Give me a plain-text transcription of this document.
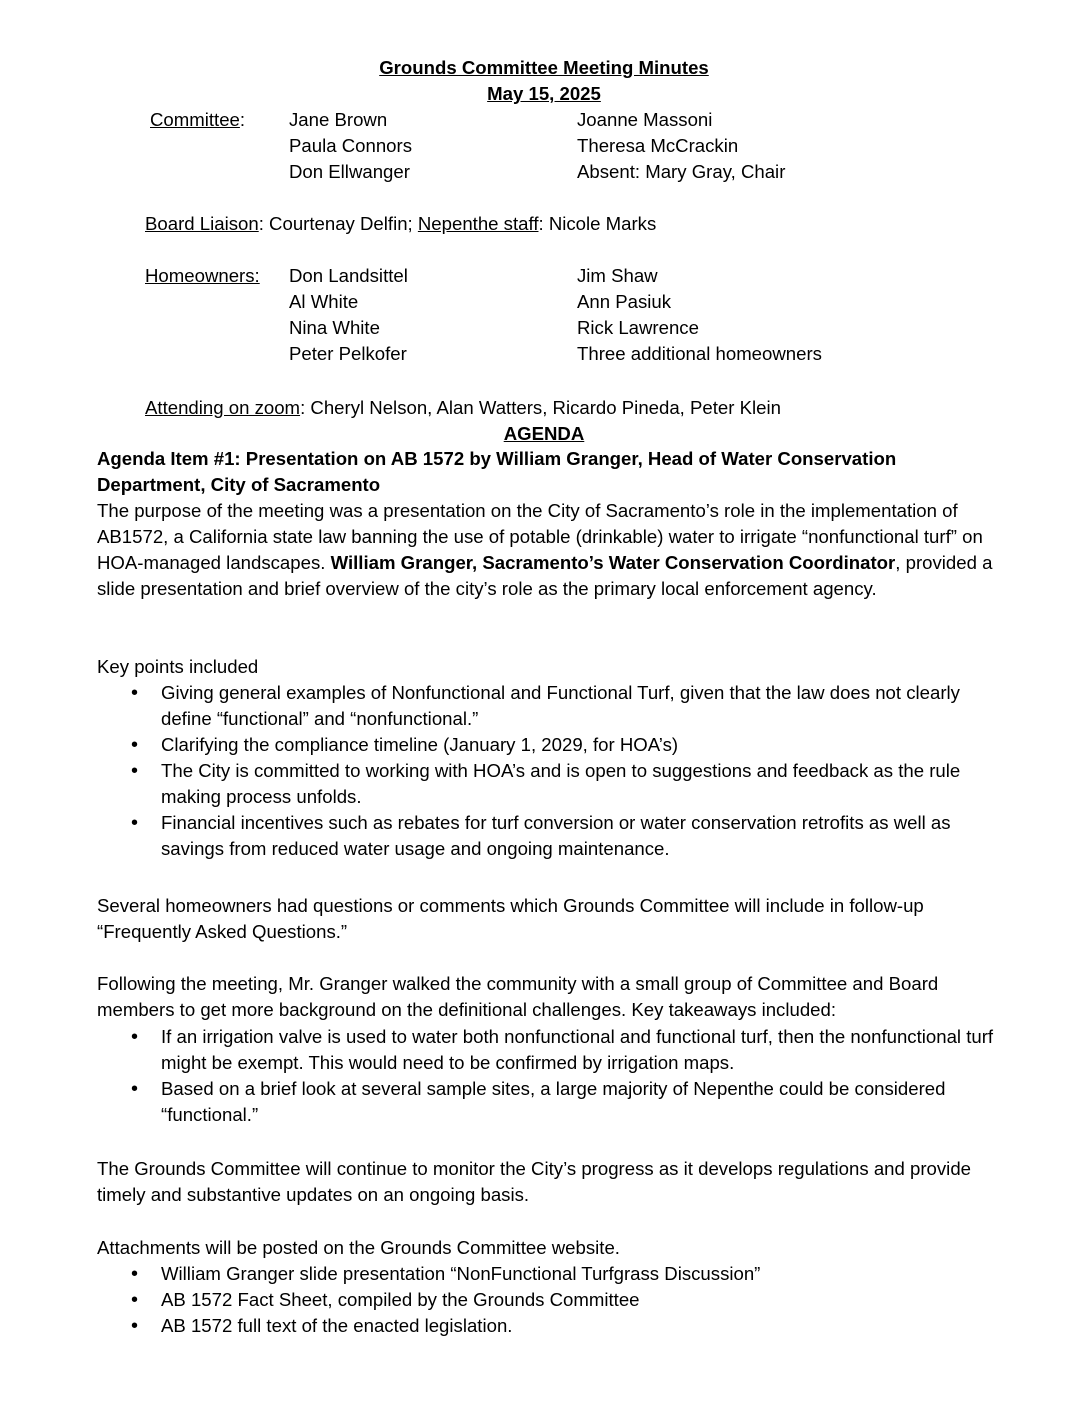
Grounds Committee Meeting Minutes
May 15, 2025
Committee: Jane Brown
Paula Connors
Don Ellwanger
Joanne Massoni
Theresa McCrackin
Absent: Mary Gray, Chair
Board Liaison: Courtenay Delfin; Nepenthe staff: Nicole Marks
Homeowners: Don Landsittel
Al White
Nina White
Peter Pelkofer
Jim Shaw
Ann Pasiuk
Rick Lawrence
Three additional homeowners
Attending on zoom: Cheryl Nelson, Alan Watters, Ricardo Pineda, Peter Klein
AGENDA
Agenda Item #1: Presentation on AB 1572 by William Granger, Head of Water Conservation Department, City of Sacramento
The purpose of the meeting was a presentation on the City of Sacramento’s role in the implementation of AB1572, a California state law banning the use of potable (drinkable) water to irrigate “nonfunctional turf” on HOA-managed landscapes. William Granger, Sacramento’s Water Conservation Coordinator, provided a slide presentation and brief overview of the city’s role as the primary local enforcement agency.
Key points included
• Giving general examples of Nonfunctional and Functional Turf, given that the law does not clearly define “functional” and “nonfunctional.”
• Clarifying the compliance timeline (January 1, 2029, for HOA’s)
• The City is committed to working with HOA’s and is open to suggestions and feedback as the rule making process unfolds.
• Financial incentives such as rebates for turf conversion or water conservation retrofits as well as savings from reduced water usage and ongoing maintenance.
Several homeowners had questions or comments which Grounds Committee will include in follow-up “Frequently Asked Questions.”
Following the meeting, Mr. Granger walked the community with a small group of Committee and Board members to get more background on the definitional challenges. Key takeaways included:
• If an irrigation valve is used to water both nonfunctional and functional turf, then the nonfunctional turf might be exempt. This would need to be confirmed by irrigation maps.
• Based on a brief look at several sample sites, a large majority of Nepenthe could be considered “functional.”
The Grounds Committee will continue to monitor the City’s progress as it develops regulations and provide timely and substantive updates on an ongoing basis.
Attachments will be posted on the Grounds Committee website.
• William Granger slide presentation “NonFunctional Turfgrass Discussion”
• AB 1572 Fact Sheet, compiled by the Grounds Committee
• AB 1572 full text of the enacted legislation.
